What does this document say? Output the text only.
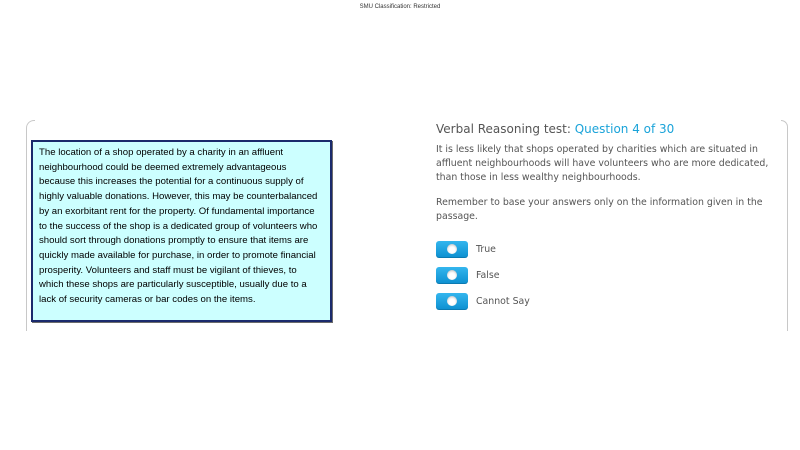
SMU Classification: Restricted
The location of a shop operated by a charity in an affluent neighbourhood could be deemed extremely advantageous because this increases the potential for a continuous supply of highly valuable donations. However, this may be counterbalanced by an exorbitant rent for the property. Of fundamental importance to the success of the shop is a dedicated group of volunteers who should sort through donations promptly to ensure that items are quickly made available for purchase, in order to promote financial prosperity. Volunteers and staff must be vigilant of thieves, to which these shops are particularly susceptible, usually due to a lack of security cameras or bar codes on the items.
Verbal Reasoning test: Question 4 of 30
It is less likely that shops operated by charities which are situated in affluent neighbourhoods will have volunteers who are more dedicated, than those in less wealthy neighbourhoods.
Remember to base your answers only on the information given in the passage.
True
False
Cannot Say
